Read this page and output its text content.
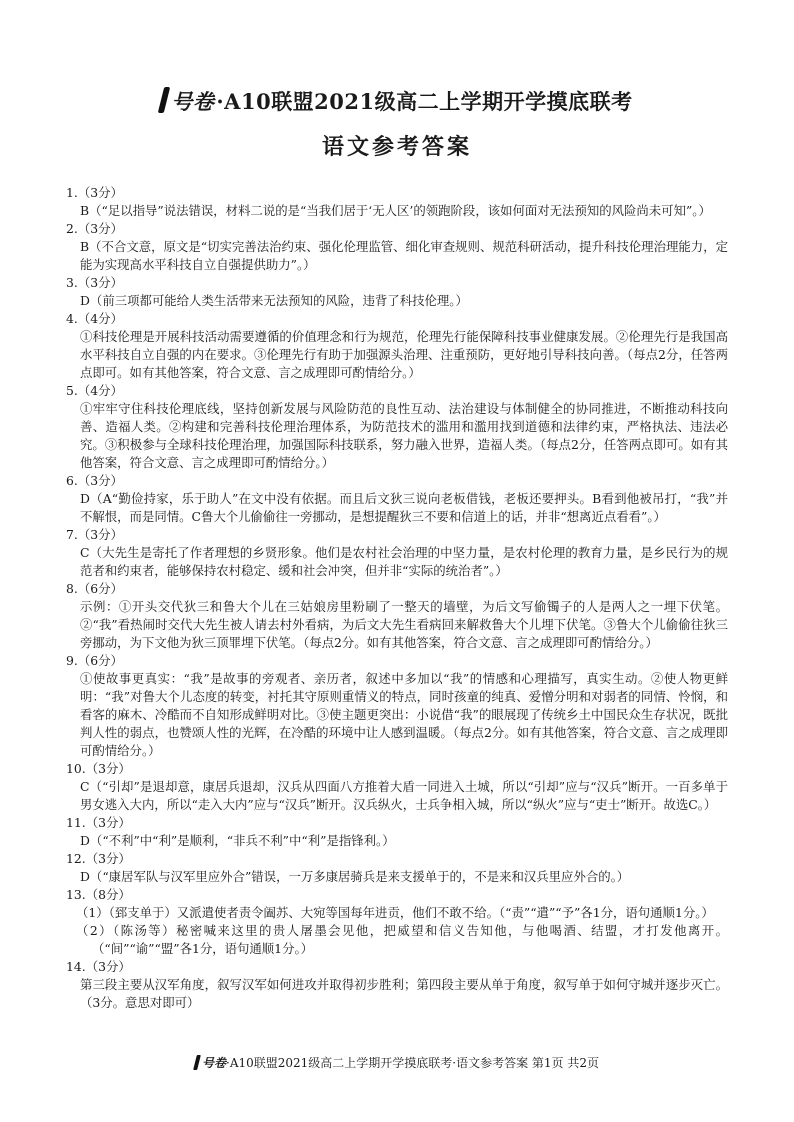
号卷·A10联盟2021级高二上学期开学摸底联考
语文参考答案
1.（3分）
B（“足以指导”说法错误，材料二说的是“当我们居于‘无人区’的领跑阶段，该如何面对无法预知的风险尚未可知”。）
2.（3分）
B（不合文意，原文是“切实完善法治约束、强化伦理监管、细化审查规则、规范科研活动，提升科技伦理治理能力，定能为实现高水平科技自立自强提供助力”。）
3.（3分）
D（前三项都可能给人类生活带来无法预知的风险，违背了科技伦理。）
4.（4分）
①科技伦理是开展科技活动需要遵循的价值理念和行为规范，伦理先行能保障科技事业健康发展。②伦理先行是我国高水平科技自立自强的内在要求。③伦理先行有助于加强源头治理、注重预防，更好地引导科技向善。（每点2分，任答两点即可。如有其他答案，符合文意、言之成理即可酌情给分。）
5.（4分）
①牢牢守住科技伦理底线，坚持创新发展与风险防范的良性互动、法治建设与体制健全的协同推进，不断推动科技向善、造福人类。②构建和完善科技伦理治理体系，为防范技术的滥用和濫用找到道德和法律约束，严格执法、违法必究。③积极参与全球科技伦理治理，加强国际科技联系，努力融入世界，造福人类。（每点2分，任答两点即可。如有其他答案，符合文意、言之成理即可酌情给分。）
6.（3分）
D（A“勤俭持家，乐于助人”在文中没有依据。而且后文狄三说向老板借钱，老板还要押头。B看到他被吊打，“我”并不解恨，而是同情。C鲁大个儿偷偷往一旁挪动，是想提醒狄三不要和信道上的话，并非“想离近点看看”。）
7.（3分）
C（大先生是寄托了作者理想的乡贤形象。他们是农村社会治理的中坚力量，是农村伦理的教育力量，是乡民行为的规范者和约束者，能够保持农村稳定、缓和社会冲突，但并非“实际的统治者”。）
8.（6分）
示例：①开头交代狄三和鲁大个儿在三姑娘房里粉刷了一整天的墙壁，为后文写偷镯子的人是两人之一埋下伏笔。②“我”看热闹时交代大先生被人请去村外看病，为后文大先生看病回来解救鲁大个儿埋下伏笔。③鲁大个儿偷偷往狄三旁挪动，为下文他为狄三顶罪埋下伏笔。（每点2分。如有其他答案，符合文意、言之成理即可酌情给分。）
9.（6分）
①使故事更真实：“我”是故事的旁观者、亲历者，叙述中多加以“我”的情感和心理描写，真实生动。②使人物更鲜明：“我”对鲁大个儿态度的转变，衬托其守原则重情义的特点，同时孩童的纯真、爱憎分明和对弱者的同情、怜悯，和看客的麻木、冷酷而不自知形成鲜明对比。③使主题更突出：小说借“我”的眼展现了传统乡土中国民众生存状况，既批判人性的弱点，也赞颂人性的光辉，在冷酷的环境中让人感到温暖。（每点2分。如有其他答案，符合文意、言之成理即可酌情给分。）
10.（3分）
C（“引却”是退却意，康居兵退却，汉兵从四面八方推着大盾一同进入土城，所以“引却”应与“汉兵”断开。一百多单于男女逃入大内，所以“走入大内”应与“汉兵”断开。汉兵纵火，士兵争相入城，所以“纵火”应与“吏士”断开。故选C。）
11.（3分）
D（“不利”中“利”是顺利，“非兵不利”中“利”是指锋利。）
12.（3分）
D（“康居军队与汉军里应外合”错误，一万多康居骑兵是来支援单于的，不是来和汉兵里应外合的。）
13.（8分）
（1）（郅支单于）又派遣使者责令阖苏、大宛等国每年进贡，他们不敢不给。（“责”“遣”“予”各1分，语句通顺1分。）
（2）（陈汤等）秘密喊来这里的贵人屠墨会见他，把威望和信义告知他，与他喝酒、结盟，才打发他离开。（“间”“谕”“盟”各1分，语句通顺1分。）
14.（3分）
第三段主要从汉军角度，叙写汉军如何进攻并取得初步胜利；第四段主要从单于角度，叙写单于如何守城并逐步灭亡。（3分。意思对即可）
号卷·A10联盟2021级高二上学期开学摸底联考·语文参考答案 第1页 共2页
